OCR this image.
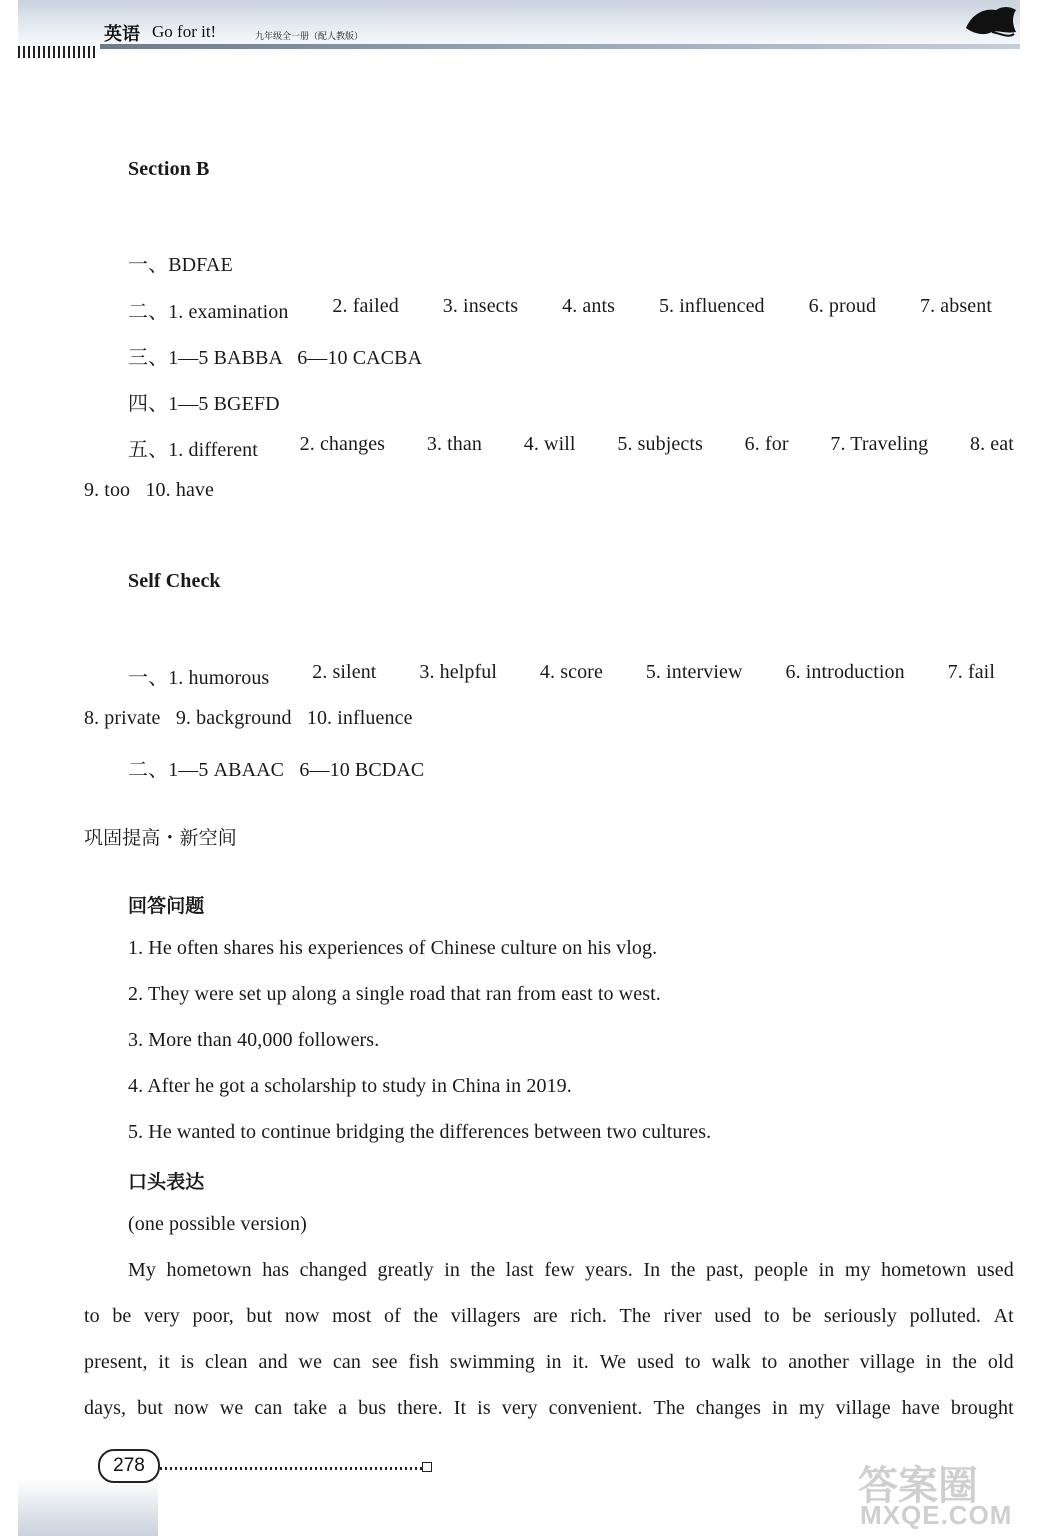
英语 Go for it!	九年级全一册（配人教版）
Section B
一、BDFAE
二、1. examination 2. failed 3. insects 4. ants 5. influenced 6. proud 7. absent
三、1—5 BABBA   6—10 CACBA
四、1—5 BGEFD
五、1. different 2. changes 3. than 4. will 5. subjects 6. for 7. Traveling 8. eat
9. too   10. have
Self Check
一、1. humorous 2. silent 3. helpful 4. score 5. interview 6. introduction 7. fail
8. private   9. background   10. influence
二、1—5 ABAAC   6—10 BCDAC
巩固提高・新空间
回答问题
1. He often shares his experiences of Chinese culture on his vlog.
2. They were set up along a single road that ran from east to west.
3. More than 40,000 followers.
4. After he got a scholarship to study in China in 2019.
5. He wanted to continue bridging the differences between two cultures.
口头表达
(one possible version)
My hometown has changed greatly in the last few years. In the past, people in my hometown used
to be very poor, but now most of the villagers are rich. The river used to be seriously polluted. At
present, it is clean and we can see fish swimming in it. We used to walk to another village in the old
days, but now we can take a bus there. It is very convenient. The changes in my village have brought
278	答案圈
MXQE.COM
